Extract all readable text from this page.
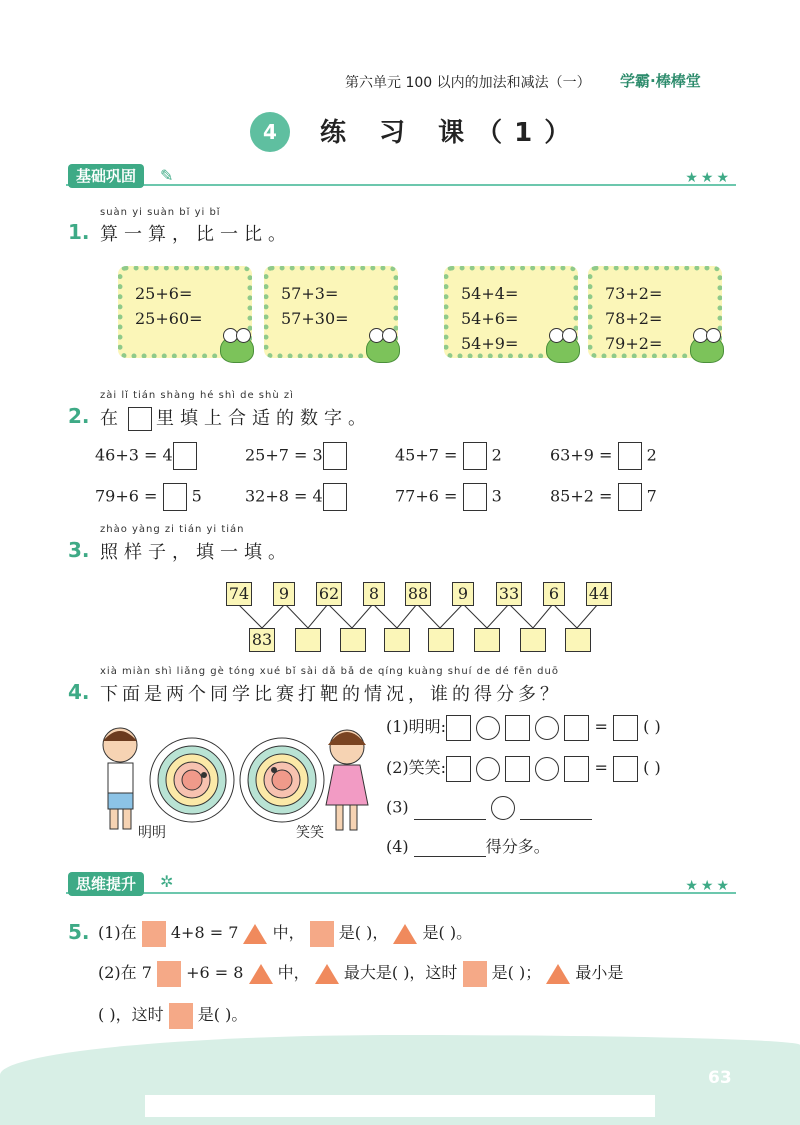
第六单元 100 以内的加法和减法（一） 学霸·棒棒堂
4	练 习 课（1）
基础巩固	✎	★★★
suàn yi suàn bǐ yi bǐ
1. 算一算，比一比。
25+6=
25+60=
57+3=
57+30=
54+4=
54+6=
54+9=
73+2=
78+2=
79+2=
zài lǐ tián shàng hé shì de shù zì
2. 在 里填上合适的数字。
46+3 = 4	25+7 = 3	45+7 = 2	63+9 = 2
79+6 = 5	32+8 = 4	77+6 = 3	85+2 = 7
zhào yàng zi tián yi tián
3. 照样子，填一填。
74	9	62	8	88	9	33	6	44
83
xià miàn shì liǎng gè tóng xué bǐ sài dǎ bǎ de qíng kuàng shuí de dé fēn duō
4. 下面是两个同学比赛打靶的情况，谁的得分多？
明明	笑笑
(1)明明:	= ( )
(2)笑笑:	= ( )
(3)
(4)	得分多。
思维提升	✲	★★★
5. (1)在 4+8 = 7 中， 是( )， 是( )。
(2)在 7 +6 = 8 中， 最大是( )，这时 是( )； 最小是
( )，这时 是( )。
63
